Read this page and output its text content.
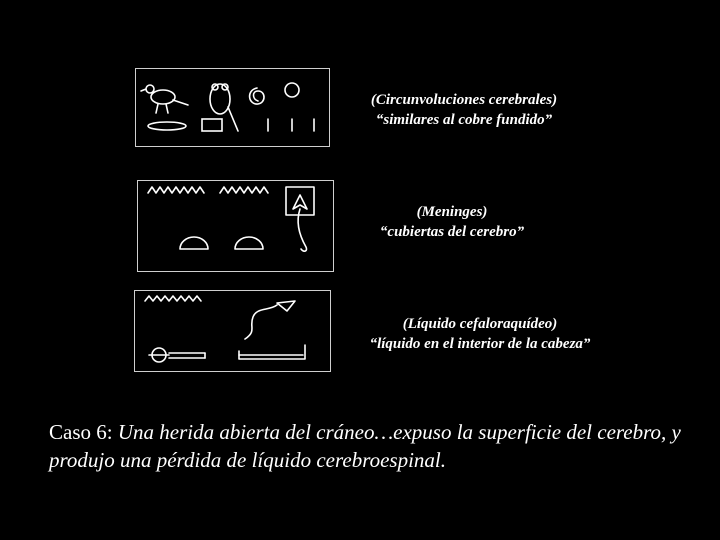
(Circunvoluciones cerebrales)
“similares al cobre fundido”
(Meninges)
“cubiertas del cerebro”
(Líquido cefaloraquídeo)
“líquido en el interior de la cabeza”
Caso 6: Una herida abierta del cráneo…expuso la superficie del cerebro, y produjo una pérdida de líquido cerebroespinal.
